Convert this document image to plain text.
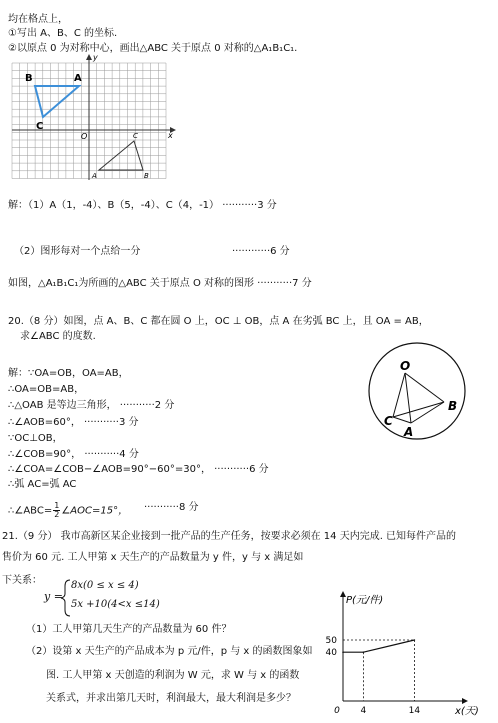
均在格点上，
①写出 A、B、C 的坐标.
②以原点 0 为对称中心，画出△ABC 关于原点 0 对称的△A₁B₁C₁.
y
x
O
B	A
C
A	B
C
解：（1）A（1，-4）、B（5，-4）、C（4，-1） ···········3 分
（2）图形每对一个点给一分	············6 分
如图，△A₁B₁C₁为所画的△ABC 关于原点 O 对称的图形 ···········7 分
20.（8 分）如图，点 A、B、C 都在圆 O 上，OC ⊥ OB，点 A 在劣弧 BC 上，且 OA = AB，
求∠ABC 的度数.
O
B
C
A
解：∵OA=OB，OA=AB，
∴OA=OB=AB，
∴△OAB 是等边三角形， ···········2 分
∴∠AOB=60°， ···········3 分
∵OC⊥OB，
∴∠COB=90°， ···········4 分
∴∠COA=∠COB−∠AOB=90°−60°=30°， ···········6 分
∴弧 AC=弧 AC
∴∠ABC= $\frac{1}{2}$ ∠AOC=15°， ···········8 分
21.（9 分） 我市高新区某企业接到一批产品的生产任务，按要求必须在 14 天内完成. 已知每件产品的
售价为 60 元. 工人甲第 x 天生产的产品数量为 y 件，y 与 x 满足如
下关系：
y =
8x(0 ≤ x ≤ 4)
5x +10(4<x ≤14)
（1）工人甲第几天生产的产品数量为 60 件？
（2）设第 x 天生产的产品成本为 p 元/件，p 与 x 的函数图象如
图. 工人甲第 x 天创造的利润为 W 元，求 W 与 x 的函数
关系式，并求出第几天时，利润最大，最大利润是多少？
P(元/件)
x(天)
40
50
0 4	14
